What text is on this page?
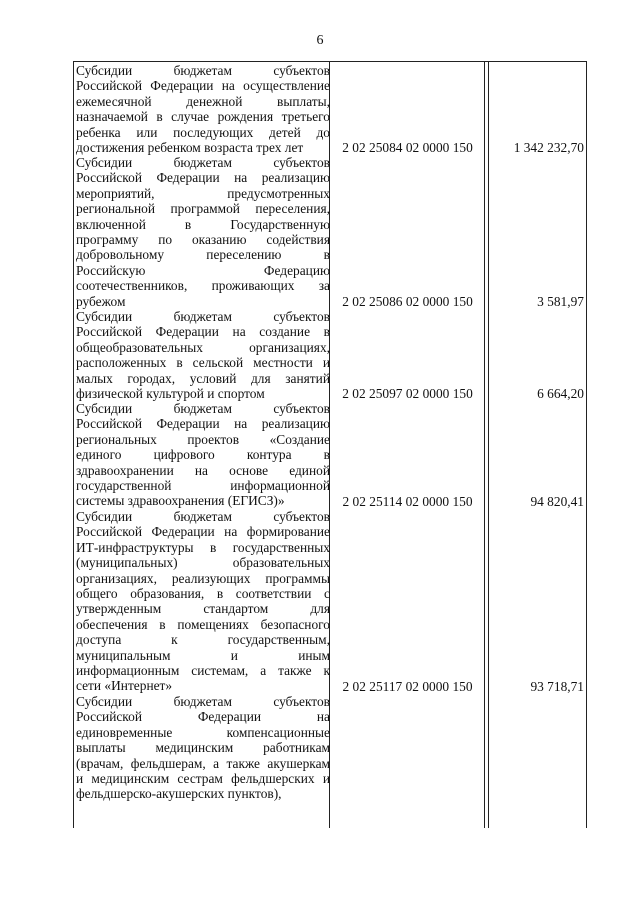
6
Субсидии бюджетам субъектов
Российской Федерации на осуществление
ежемесячной денежной выплаты,
назначаемой в случае рождения третьего
ребенка или последующих детей до
достижения ребенком возраста трех лет	2 02 25084 02 0000 150	1 342 232,70
Субсидии бюджетам субъектов
Российской Федерации на реализацию
мероприятий, предусмотренных
региональной программой переселения,
включенной в Государственную
программу по оказанию содействия
добровольному переселению в
Российскую Федерацию
соотечественников, проживающих за
рубежом	2 02 25086 02 0000 150	3 581,97
Субсидии бюджетам субъектов
Российской Федерации на создание в
общеобразовательных организациях,
расположенных в сельской местности и
малых городах, условий для занятий
физической культурой и спортом	2 02 25097 02 0000 150	6 664,20
Субсидии бюджетам субъектов
Российской Федерации на реализацию
региональных проектов «Создание
единого цифрового контура в
здравоохранении на основе единой
государственной информационной
системы здравоохранения (ЕГИСЗ)»	2 02 25114 02 0000 150	94 820,41
Субсидии бюджетам субъектов
Российской Федерации на формирование
ИТ-инфраструктуры в государственных
(муниципальных) образовательных
организациях, реализующих программы
общего образования, в соответствии с
утвержденным стандартом для
обеспечения в помещениях безопасного
доступа к государственным,
муниципальным и иным
информационным системам, а также к
сети «Интернет»	2 02 25117 02 0000 150	93 718,71
Субсидии бюджетам субъектов
Российской Федерации на
единовременные компенсационные
выплаты медицинским работникам
(врачам, фельдшерам, а также акушеркам
и медицинским сестрам фельдшерских и
фельдшерско-акушерских пунктов),
